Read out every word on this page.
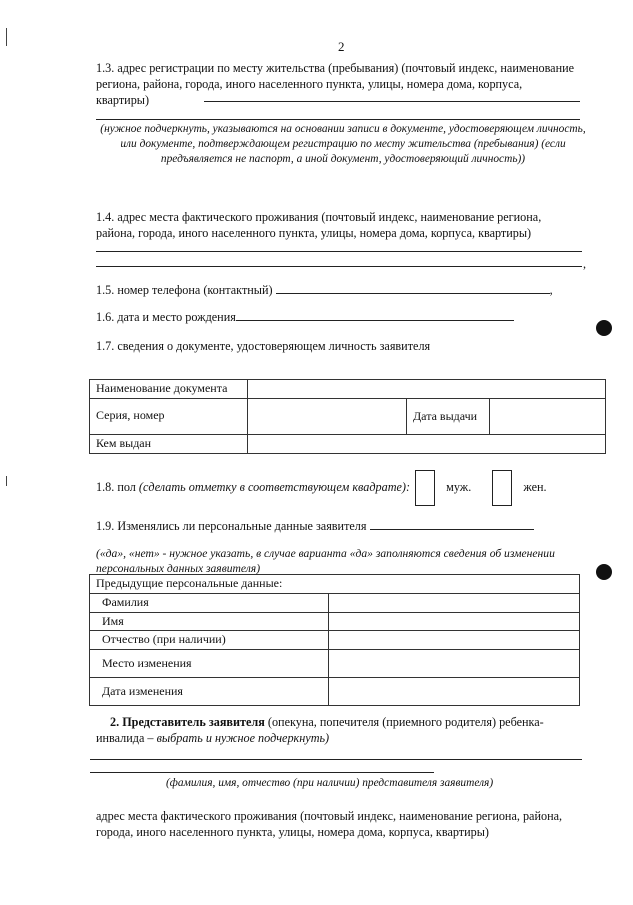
2
1.3. адрес регистрации по месту жительства (пребывания) (почтовый индекс, наименование региона, района, города, иного населенного пункта, улицы, номера дома, корпуса, квартиры)
(нужное подчеркнуть, указываются на основании записи в документе, удостоверяющем личность, или документе, подтверждающем регистрацию по месту жительства (пребывания) (если предъявляется не паспорт, а иной документ, удостоверяющий личность))
1.4. адрес места фактического проживания (почтовый индекс, наименование региона, района, города, иного населенного пункта, улицы, номера дома, корпуса, квартиры)
,
1.5. номер телефона (контактный)	,
1.6. дата и место рождения
1.7. сведения о документе, удостоверяющем личность заявителя
Наименование документа			
Серия, номер		Дата выдачи	
Кем выдан			
1.8. пол (сделать отметку в соответствующем квадрате):	муж.	жен.
1.9. Изменялись ли персональные данные заявителя
(«да», «нет» - нужное указать, в случае варианта «да» заполняются сведения об изменении персональных данных заявителя)
Предыдущие персональные данные:	
Фамилия	
Имя	
Отчество (при наличии)	
Место изменения	
Дата изменения	
2. Представитель заявителя (опекуна, попечителя (приемного родителя) ребенка-инвалида – выбрать и нужное подчеркнуть)
(фамилия, имя, отчество (при наличии) представителя заявителя)
адрес места фактического проживания (почтовый индекс, наименование региона, района, города, иного населенного пункта, улицы, номера дома, корпуса, квартиры)
